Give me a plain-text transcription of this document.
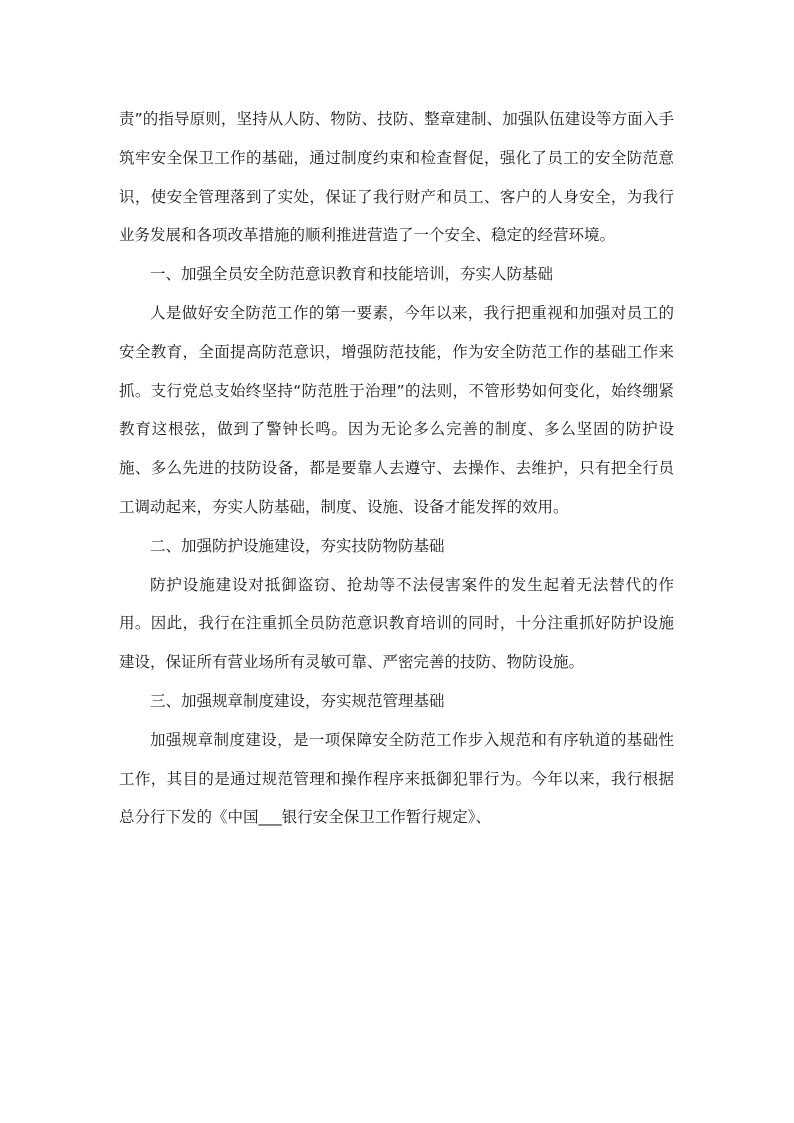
责”的指导原则，坚持从人防、物防、技防、整章建制、加强队伍建设等方面入手筑牢安全保卫工作的基础，通过制度约束和检查督促，强化了员工的安全防范意识，使安全管理落到了实处，保证了我行财产和员工、客户的人身安全，为我行业务发展和各项改革措施的顺利推进营造了一个安全、稳定的经营环境。

一、加强全员安全防范意识教育和技能培训，夯实人防基础

人是做好安全防范工作的第一要素，今年以来，我行把重视和加强对员工的安全教育，全面提高防范意识，增强防范技能，作为安全防范工作的基础工作来抓。支行党总支始终坚持“防范胜于治理”的法则，不管形势如何变化，始终绷紧教育这根弦，做到了警钟长鸣。因为无论多么完善的制度、多么坚固的防护设施、多么先进的技防设备，都是要靠人去遵守、去操作、去维护，只有把全行员工调动起来，夯实人防基础，制度、设施、设备才能发挥的效用。

二、加强防护设施建设，夯实技防物防基础

防护设施建设对抵御盗窃、抢劫等不法侵害案件的发生起着无法替代的作用。因此，我行在注重抓全员防范意识教育培训的同时，十分注重抓好防护设施建设，保证所有营业场所有灵敏可靠、严密完善的技防、物防设施。

三、加强规章制度建设，夯实规范管理基础

加强规章制度建设，是一项保障安全防范工作步入规范和有序轨道的基础性工作，其目的是通过规范管理和操作程序来抵御犯罪行为。今年以来，我行根据总分行下发的《中国___银行安全保卫工作暂行规定》、
